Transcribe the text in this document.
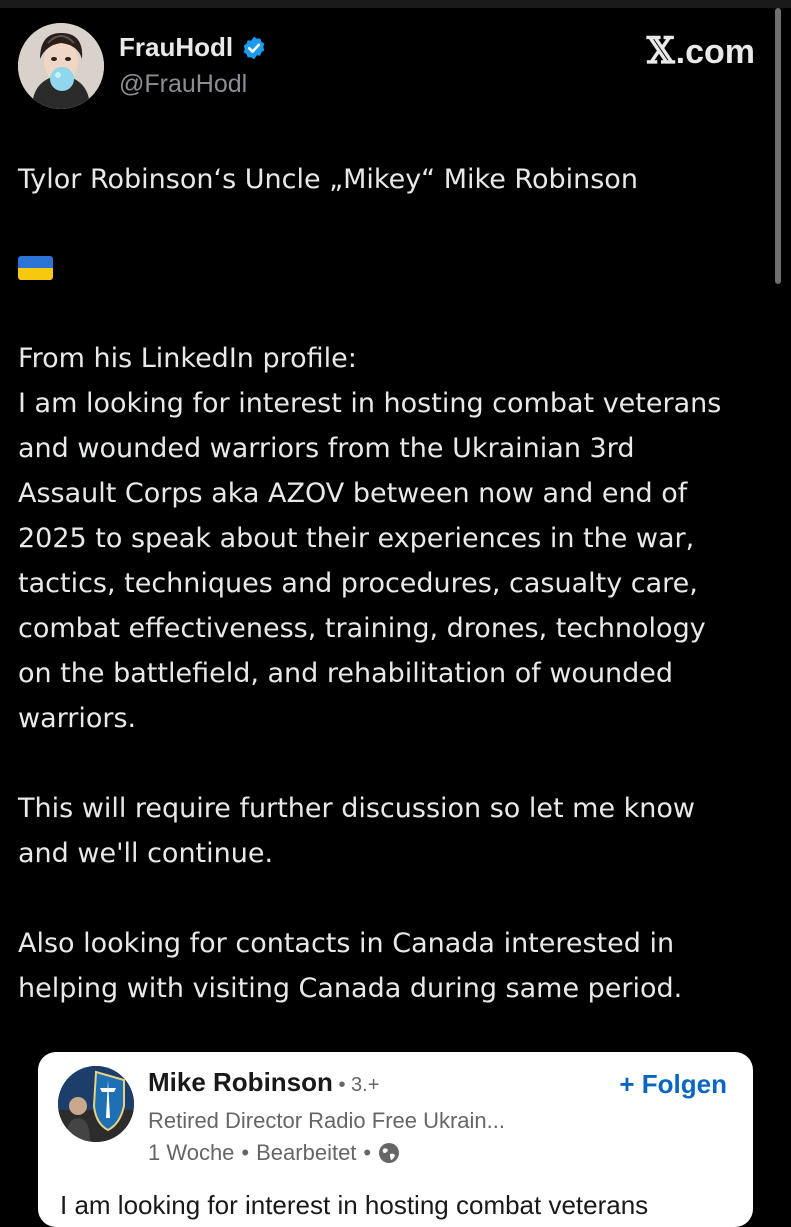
FrauHodl
@FrauHodl
𝕏 .com

Tylor Robinson‘s Uncle „Mikey“ Mike Robinson

From his LinkedIn profile:
I am looking for interest in hosting combat veterans
and wounded warriors from the Ukrainian 3rd
Assault Corps aka AZOV between now and end of
2025 to speak about their experiences in the war,
tactics, techniques and procedures, casualty care,
combat effectiveness, training, drones, technology
on the battlefield, and rehabilitation of wounded
warriors.
This will require further discussion so let me know
and we'll continue.
Also looking for contacts in Canada interested in
helping with visiting Canada during same period.
Mike Robinson • 3.+	+ Folgen
Retired Director Radio Free Ukrain...
1 Woche • Bearbeitet •
I am looking for interest in hosting combat veterans
